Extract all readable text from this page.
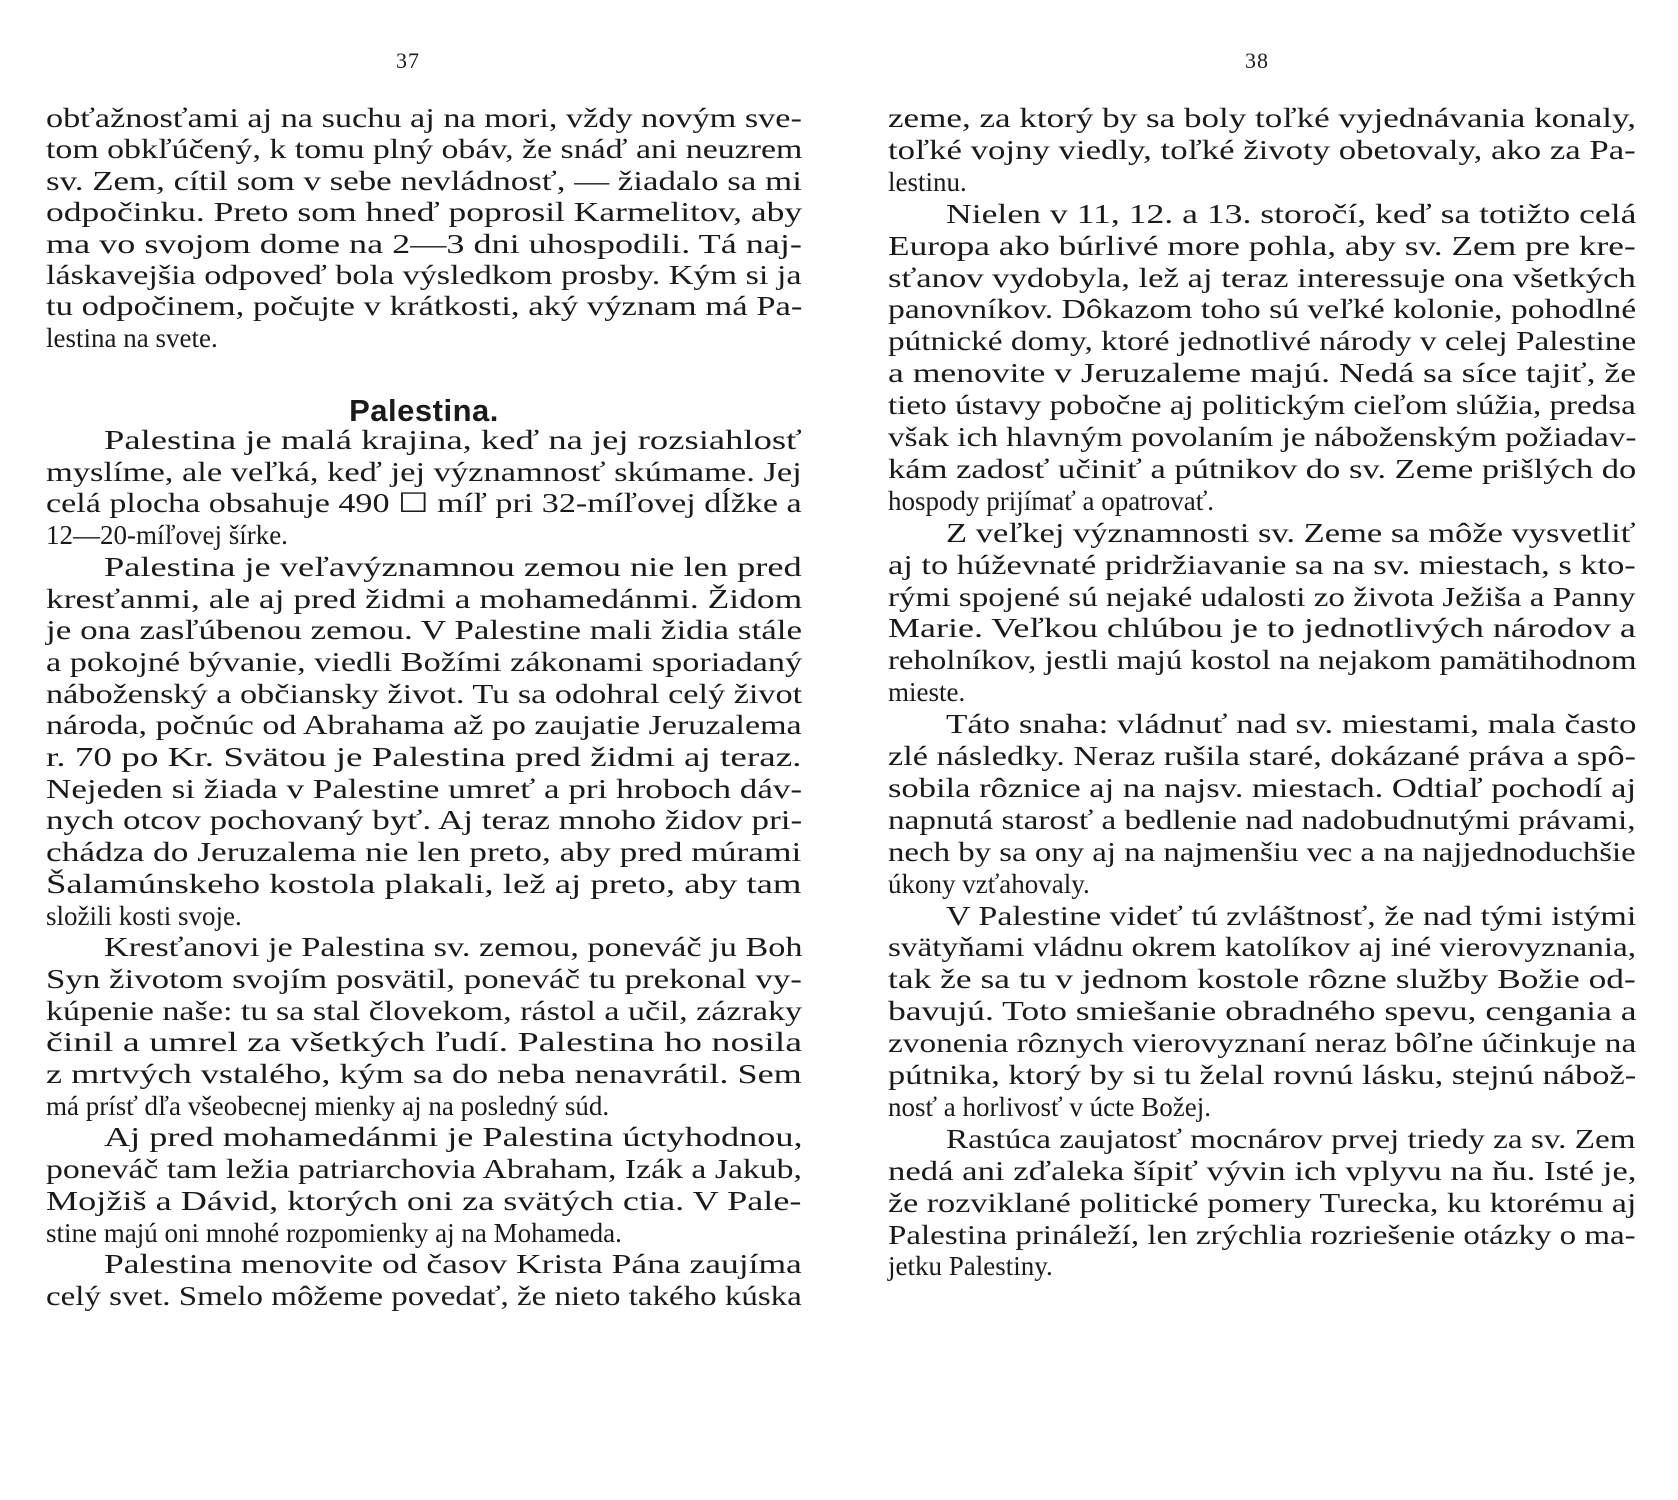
37
obťažnosťami aj na suchu aj na mori, vždy novým sve-
tom obkľúčený, k tomu plný obáv, že snáď ani neuzrem
sv. Zem, cítil som v sebe nevládnosť, — žiadalo sa mi
odpočinku. Preto som hneď poprosil Karmelitov, aby
ma vo svojom dome na 2—3 dni uhospodili. Tá naj-
láskavejšia odpoveď bola výsledkom prosby. Kým si ja
tu odpočinem, počujte v krátkosti, aký význam má Pa-
lestina na svete.
Palestina.
Palestina je malá krajina, keď na jej rozsiahlosť
myslíme, ale veľká, keď jej významnosť skúmame. Jej
celá plocha obsahuje 490 ☐ míľ pri 32-míľovej dĺžke a
12—20-míľovej šírke.
Palestina je veľavýznamnou zemou nie len pred
kresťanmi, ale aj pred židmi a mohamedánmi. Židom
je ona zasľúbenou zemou. V Palestine mali židia stále
a pokojné bývanie, viedli Božími zákonami sporiadaný
náboženský a občiansky život. Tu sa odohral celý život
národa, počnúc od Abrahama až po zaujatie Jeruzalema
r. 70 po Kr. Svätou je Palestina pred židmi aj teraz.
Nejeden si žiada v Palestine umreť a pri hroboch dáv-
nych otcov pochovaný byť. Aj teraz mnoho židov pri-
chádza do Jeruzalema nie len preto, aby pred múrami
Šalamúnskeho kostola plakali, lež aj preto, aby tam
složili kosti svoje.
Kresťanovi je Palestina sv. zemou, poneváč ju Boh
Syn životom svojím posvätil, poneváč tu prekonal vy-
kúpenie naše: tu sa stal človekom, rástol a učil, zázraky
činil a umrel za všetkých ľudí. Palestina ho nosila
z mrtvých vstalého, kým sa do neba nenavrátil. Sem
má prísť dľa všeobecnej mienky aj na posledný súd.
Aj pred mohamedánmi je Palestina úctyhodnou,
poneváč tam ležia patriarchovia Abraham, Izák a Jakub,
Mojžiš a Dávid, ktorých oni za svätých ctia. V Pale-
stine majú oni mnohé rozpomienky aj na Mohameda.
Palestina menovite od časov Krista Pána zaujíma
celý svet. Smelo môžeme povedať, že nieto takého kúska
38
zeme, za ktorý by sa boly toľké vyjednávania konaly,
toľké vojny viedly, toľké životy obetovaly, ako za Pa-
lestinu.
Nielen v 11, 12. a 13. storočí, keď sa totižto celá
Europa ako búrlivé more pohla, aby sv. Zem pre kre-
sťanov vydobyla, lež aj teraz interessuje ona všetkých
panovníkov. Dôkazom toho sú veľké kolonie, pohodlné
pútnické domy, ktoré jednotlivé národy v celej Palestine
a menovite v Jeruzaleme majú. Nedá sa síce tajiť, že
tieto ústavy pobočne aj politickým cieľom slúžia, predsa
však ich hlavným povolaním je náboženským požiadav-
kám zadosť učiniť a pútnikov do sv. Zeme prišlých do
hospody prijímať a opatrovať.
Z veľkej významnosti sv. Zeme sa môže vysvetliť
aj to húževnaté pridržiavanie sa na sv. miestach, s kto-
rými spojené sú nejaké udalosti zo života Ježiša a Panny
Marie. Veľkou chlúbou je to jednotlivých národov a
reholníkov, jestli majú kostol na nejakom pamätihodnom
mieste.
Táto snaha: vládnuť nad sv. miestami, mala často
zlé následky. Neraz rušila staré, dokázané práva a spô-
sobila rôznice aj na najsv. miestach. Odtiaľ pochodí aj
napnutá starosť a bedlenie nad nadobudnutými právami,
nech by sa ony aj na najmenšiu vec a na najjednoduchšie
úkony vzťahovaly.
V Palestine videť tú zvláštnosť, že nad tými istými
svätyňami vládnu okrem katolíkov aj iné vierovyznania,
tak že sa tu v jednom kostole rôzne služby Božie od-
bavujú. Toto smiešanie obradného spevu, cengania a
zvonenia rôznych vierovyznaní neraz bôľne účinkuje na
pútnika, ktorý by si tu želal rovnú lásku, stejnú nábož-
nosť a horlivosť v úcte Božej.
Rastúca zaujatosť mocnárov prvej triedy za sv. Zem
nedá ani zďaleka šípiť vývin ich vplyvu na ňu. Isté je,
že rozviklané politické pomery Turecka, ku ktorému aj
Palestina prináleží, len zrýchlia rozriešenie otázky o ma-
jetku Palestiny.
